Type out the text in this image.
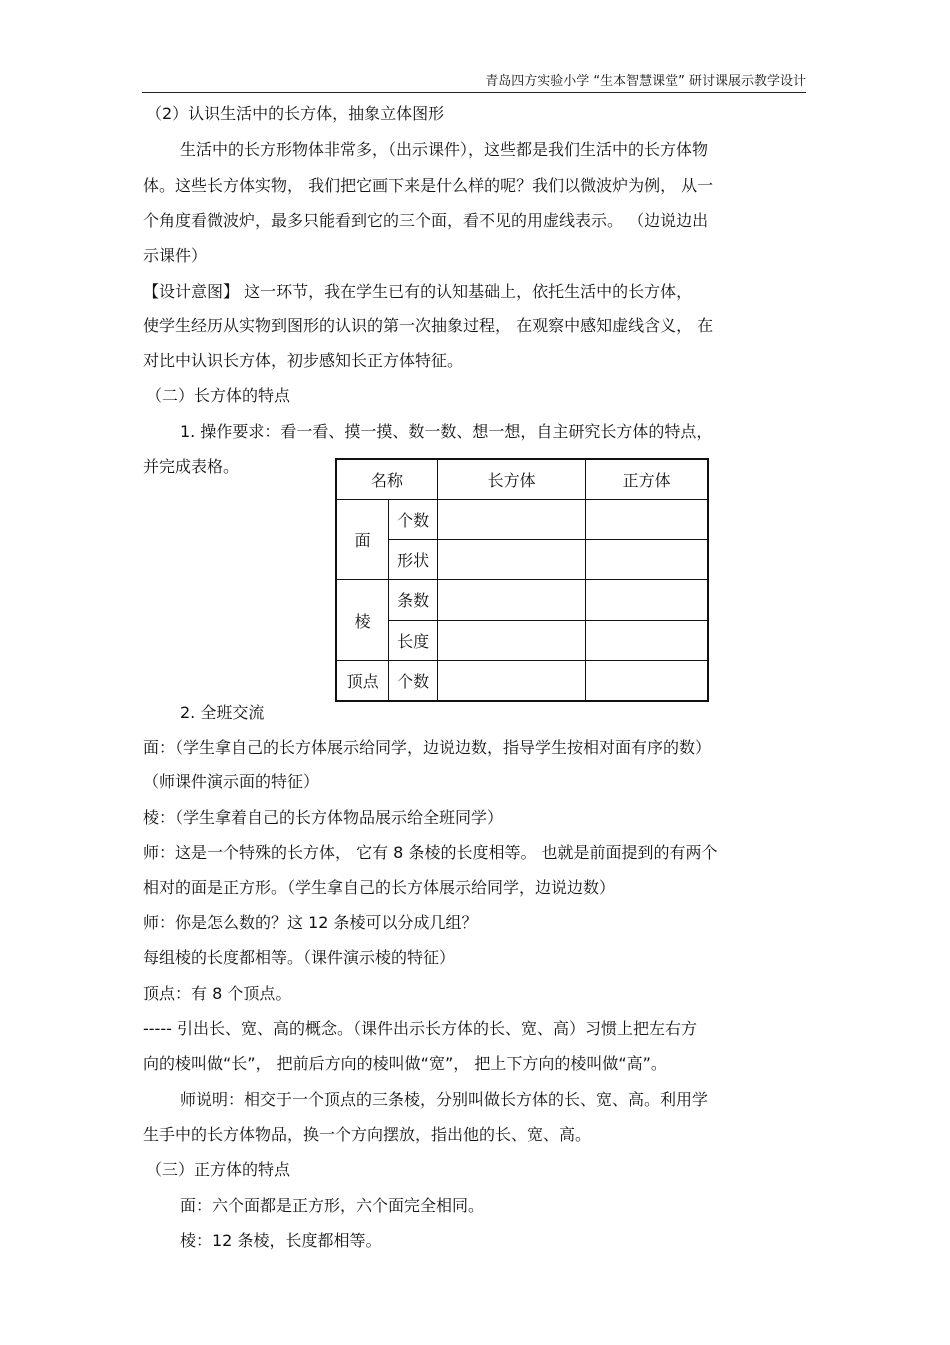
青岛四方实验小学 “生本智慧课堂” 研讨课展示教学设计
（2）认识生活中的长方体，抽象立体图形
生活中的长方形物体非常多，（出示课件），这些都是我们生活中的长方体物
体。这些长方体实物， 我们把它画下来是什么样的呢？我们以微波炉为例， 从一
个角度看微波炉，最多只能看到它的三个面，看不见的用虚线表示。 （边说边出
示课件）
【设计意图】 这一环节，我在学生已有的认知基础上，依托生活中的长方体，
使学生经历从实物到图形的认识的第一次抽象过程， 在观察中感知虚线含义， 在
对比中认识长方体，初步感知长正方体特征。
（二）长方体的特点
1. 操作要求：看一看、摸一摸、数一数、想一想，自主研究长方体的特点，
并完成表格。
名称		长方体	正方体
面	个数		
	形状		
棱	条数		
	长度		
顶点	个数		
2. 全班交流
面：（学生拿自己的长方体展示给同学，边说边数，指导学生按相对面有序的数）
（师课件演示面的特征）
棱：（学生拿着自己的长方体物品展示给全班同学）
师：这是一个特殊的长方体， 它有 8 条棱的长度相等。 也就是前面提到的有两个
相对的面是正方形。（学生拿自己的长方体展示给同学，边说边数）
师：你是怎么数的？这 12 条棱可以分成几组？
每组棱的长度都相等。（课件演示棱的特征）
顶点：有 8 个顶点。
----- 引出长、宽、高的概念。（课件出示长方体的长、宽、高）习惯上把左右方
向的棱叫做“长”， 把前后方向的棱叫做“宽”， 把上下方向的棱叫做“高”。
师说明：相交于一个顶点的三条棱，分别叫做长方体的长、宽、高。利用学
生手中的长方体物品，换一个方向摆放，指出他的长、宽、高。
（三）正方体的特点
面：六个面都是正方形，六个面完全相同。
棱：12 条棱，长度都相等。
